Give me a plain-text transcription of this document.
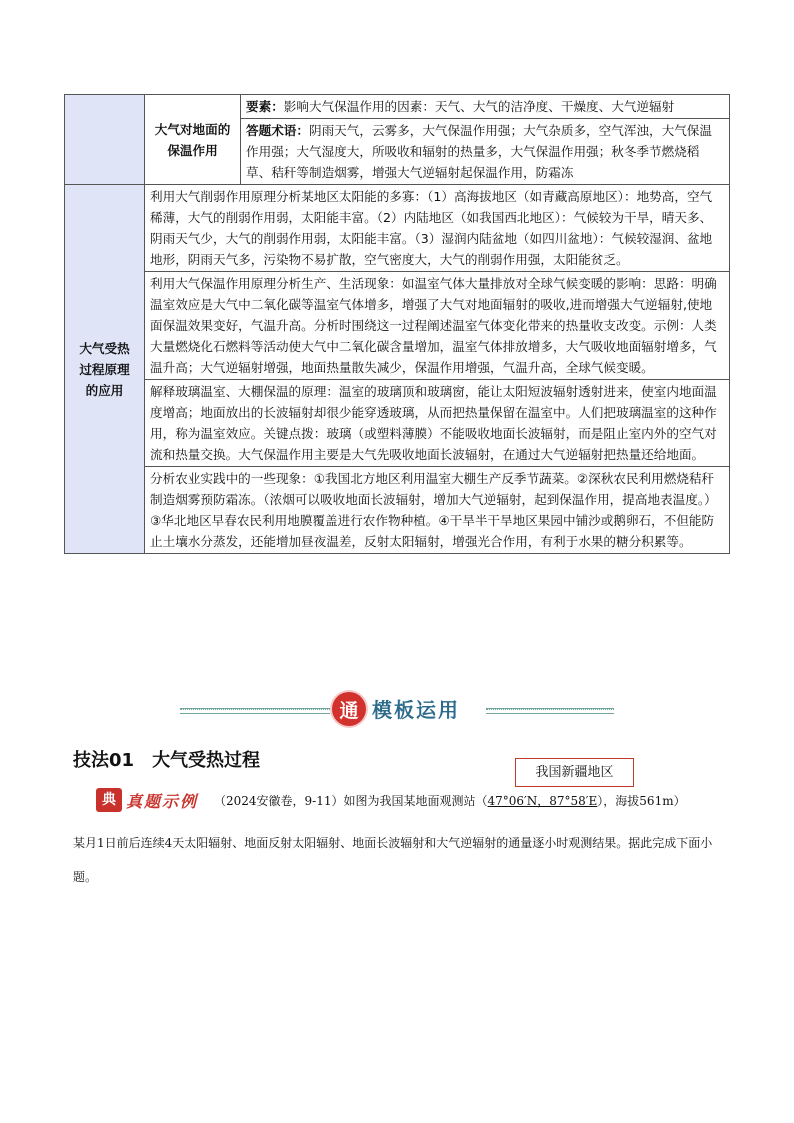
	大气对地面的保温作用	要素：影响大气保温作用的因素：天气、大气的洁净度、干燥度、大气逆辐射
		答题术语：阴雨天气，云雾多，大气保温作用强；大气杂质多，空气浑浊，大气保温作用强；大气湿度大，所吸收和辐射的热量多，大气保温作用强；秋冬季节燃烧稻草、秸秆等制造烟雾，增强大气逆辐射起保温作用，防霜冻
大气受热过程原理的应用	利用大气削弱作用原理分析某地区太阳能的多寡：（1）高海拔地区（如青藏高原地区）：地势高，空气稀薄，大气的削弱作用弱，太阳能丰富。（2）内陆地区（如我国西北地区）：气候较为干旱，晴天多、阴雨天气少，大气的削弱作用弱，太阳能丰富。（3）湿润内陆盆地（如四川盆地）：气候较湿润、盆地地形，阴雨天气多，污染物不易扩散，空气密度大，大气的削弱作用强，太阳能贫乏。	
	利用大气保温作用原理分析生产、生活现象：如温室气体大量排放对全球气候变暖的影响：思路：明确温室效应是大气中二氧化碳等温室气体增多，增强了大气对地面辐射的吸收,进而增强大气逆辐射,使地面保温效果变好，气温升高。分析时围绕这一过程阐述温室气体变化带来的热量收支改变。示例：人类大量燃烧化石燃料等活动使大气中二氧化碳含量增加，温室气体排放增多，大气吸收地面辐射增多，气温升高；大气逆辐射增强，地面热量散失减少，保温作用增强，气温升高，全球气候变暖。	
	解释玻璃温室、大棚保温的原理：温室的玻璃顶和玻璃窗，能让太阳短波辐射透射进来，使室内地面温度增高；地面放出的长波辐射却很少能穿透玻璃，从而把热量保留在温室中。人们把玻璃温室的这种作用，称为温室效应。关键点拨：玻璃（或塑料薄膜）不能吸收地面长波辐射，而是阻止室内外的空气对流和热量交换。大气保温作用主要是大气先吸收地面长波辐射，在通过大气逆辐射把热量还给地面。	
	分析农业实践中的一些现象：①我国北方地区利用温室大棚生产反季节蔬菜。②深秋农民利用燃烧秸秆制造烟雾预防霜冻。（浓烟可以吸收地面长波辐射，增加大气逆辐射，起到保温作用，提高地表温度。）③华北地区早春农民利用地膜覆盖进行农作物种植。④干旱半干旱地区果园中铺沙或鹅卵石，不但能防止土壤水分蒸发，还能增加昼夜温差，反射太阳辐射，增强光合作用，有利于水果的糖分积累等。	
通 模板运用
技法01 大气受热过程
我国新疆地区
典 真题示例 （2024安徽卷，9-11）如图为我国某地面观测站（47°06′N，87°58′E），海拔561m）
某月1日前后连续4天太阳辐射、地面反射太阳辐射、地面长波辐射和大气逆辐射的通量逐小时观测结果。据此完成下面小题。
